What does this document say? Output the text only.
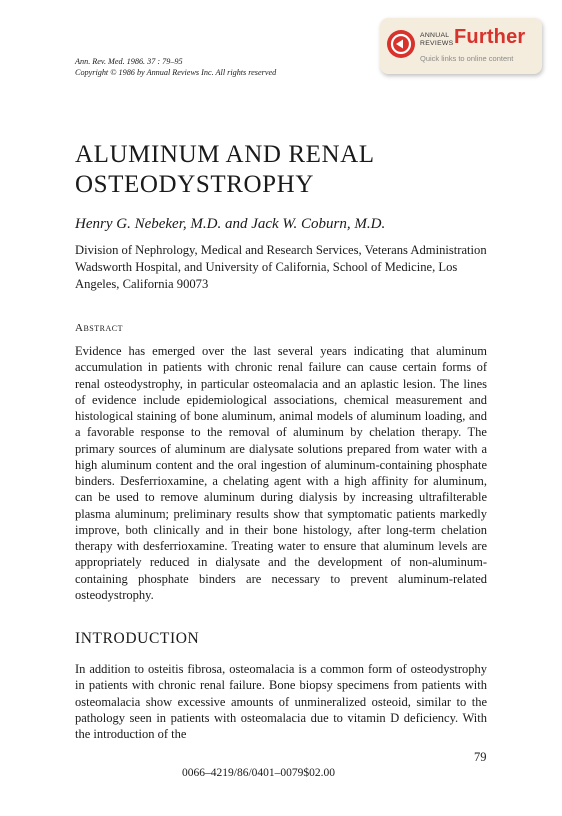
Ann. Rev. Med. 1986. 37 : 79–95
Copyright © 1986 by Annual Reviews Inc. All rights reserved
ANNUAL
REVIEWS Further
Quick links to online content
ALUMINUM AND RENAL
OSTEODYSTROPHY
Henry G. Nebeker, M.D. and Jack W. Coburn, M.D.
Division of Nephrology, Medical and Research Services, Veterans Administration Wadsworth Hospital, and University of California, School of Medicine, Los Angeles, California 90073
Abstract
Evidence has emerged over the last several years indicating that aluminum accumulation in patients with chronic renal failure can cause certain forms of renal osteodystrophy, in particular osteomalacia and an aplastic lesion. The lines of evidence include epidemiological associations, chemical measurement and histological staining of bone aluminum, animal models of aluminum loading, and a favorable response to the removal of aluminum by chelation therapy. The primary sources of aluminum are dialysate solutions prepared from water with a high aluminum content and the oral ingestion of aluminum-containing phosphate binders. Desferrioxamine, a chelating agent with a high affinity for aluminum, can be used to remove aluminum during dialysis by increasing ultrafilterable plasma aluminum; preliminary results show that symptomatic patients markedly improve, both clinically and in their bone histology, after long-term chelation therapy with desferrioxamine. Treating water to ensure that aluminum levels are appropriately reduced in dialysate and the development of non-aluminum-containing phosphate binders are necessary to prevent aluminum-related osteodystrophy.
INTRODUCTION
In addition to osteitis fibrosa, osteomalacia is a common form of osteodystrophy in patients with chronic renal failure. Bone biopsy specimens from patients with osteomalacia show excessive amounts of unmineralized osteoid, similar to the pathology seen in patients with osteomalacia due to vitamin D deficiency. With the introduction of the
79
0066–4219/86/0401–0079$02.00
